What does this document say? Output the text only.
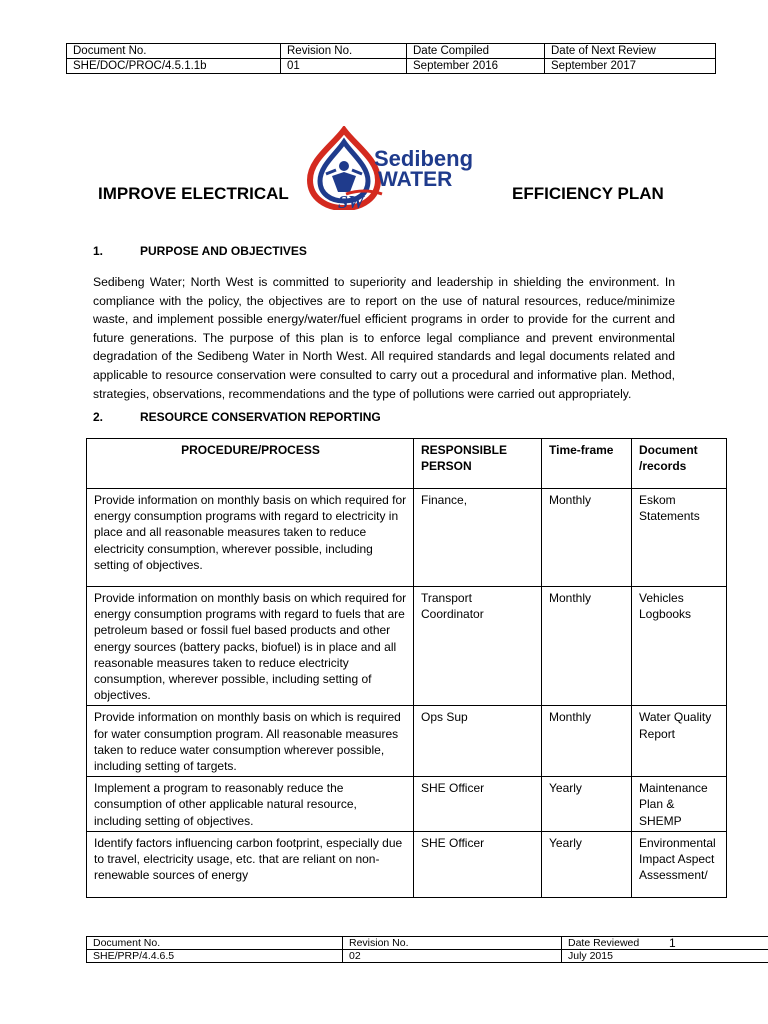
Document No.	Revision No.	Date Compiled	Date of Next Review
SHE/DOC/PROC/4.5.1.1b	01	September 2016	September 2017
Sedibeng
WATER
SW
IMPROVE ELECTRICAL	EFFICIENCY PLAN
1.	PURPOSE AND OBJECTIVES

Sedibeng Water; North West is committed to superiority and leadership in shielding the environment. In compliance with the policy, the objectives are to report on the use of natural resources, reduce/minimize waste, and implement possible energy/water/fuel efficient programs in order to provide for the current and future generations. The purpose of this plan is to enforce legal compliance and prevent environmental degradation of the Sedibeng Water in North West. All required standards and legal documents related and applicable to resource conservation were consulted to carry out a procedural and informative plan. Method, strategies, observations, recommendations and the type of pollutions were carried out appropriately.

2.	RESOURCE CONSERVATION REPORTING
PROCEDURE/PROCESS	RESPONSIBLE PERSON	Time-frame	Document /records
Provide information on monthly basis on which required for energy consumption programs with regard to electricity in place and all reasonable measures taken to reduce electricity consumption, wherever possible, including setting of objectives.	Finance,	Monthly	Eskom Statements
Provide information on monthly basis on which required for energy consumption programs with regard to fuels that are petroleum based or fossil fuel based products and other energy sources (battery packs, biofuel) is in place and all reasonable measures taken to reduce electricity consumption, wherever possible, including setting of objectives.	Transport Coordinator	Monthly	Vehicles Logbooks
Provide information on monthly basis on which is required for water consumption program. All reasonable measures taken to reduce water consumption wherever possible, including setting of targets.	Ops Sup	Monthly	Water Quality Report
Implement a program to reasonably reduce the consumption of other applicable natural resource, including setting of objectives.	SHE Officer	Yearly	Maintenance Plan & SHEMP
Identify factors influencing carbon footprint, especially due to travel, electricity usage, etc. that are reliant on non-renewable sources of energy	SHE Officer	Yearly	Environmental Impact Aspect Assessment/
Document No.	Revision No.	Date Reviewed
SHE/PRP/4.4.6.5	02	July 2015
1
